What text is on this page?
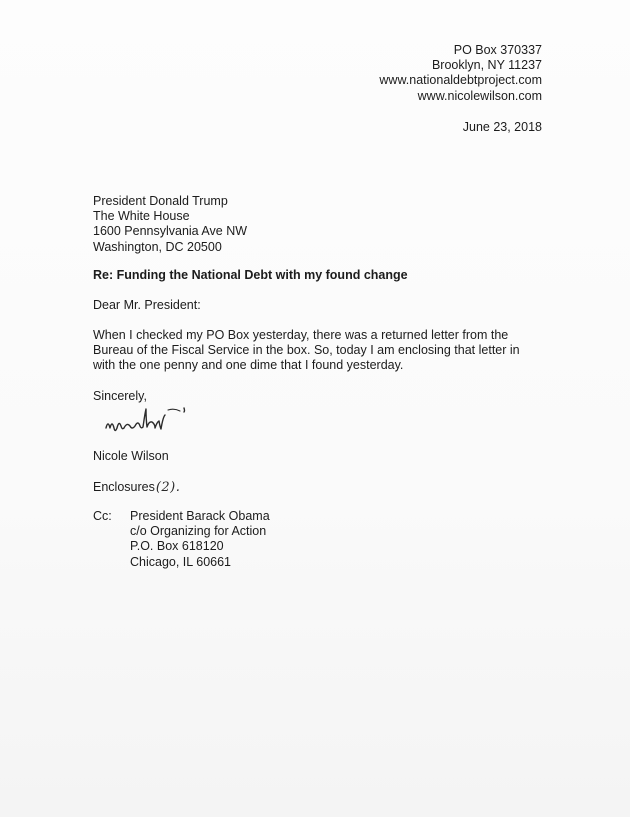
PO Box 370337
Brooklyn, NY 11237
www.nationaldebtproject.com
www.nicolewilson.com
June 23, 2018
President Donald Trump
The White House
1600 Pennsylvania Ave NW
Washington, DC 20500
Re: Funding the National Debt with my found change
Dear Mr. President:
When I checked my PO Box yesterday, there was a returned letter from the
Bureau of the Fiscal Service in the box. So, today I am enclosing that letter in
with the one penny and one dime that I found yesterday.
Sincerely,
Nicole Wilson
Enclosures(2).
Cc: President Barack Obama
c/o Organizing for Action
P.O. Box 618120
Chicago, IL 60661
